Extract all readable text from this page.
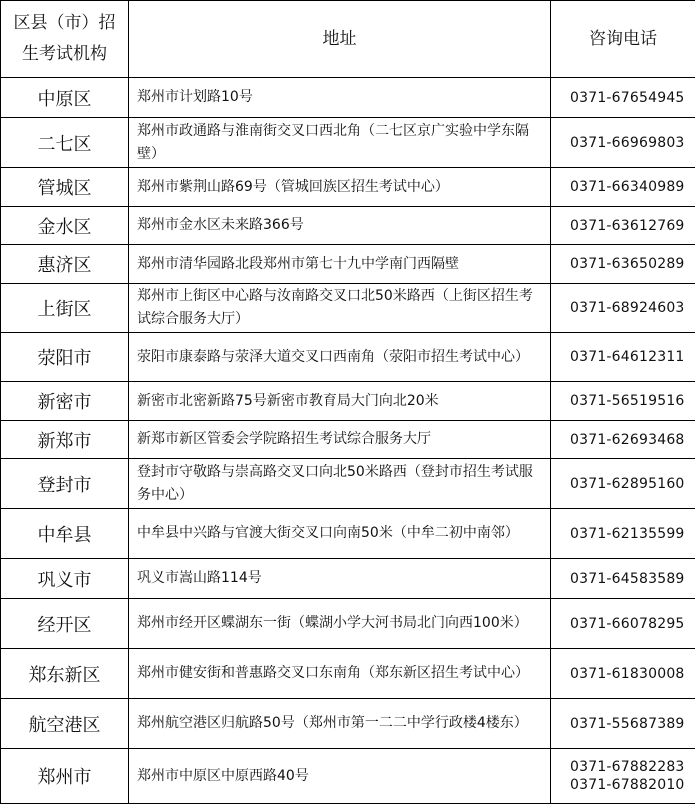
区县（市）招
生考试机构	地址	咨询电话
中原区	郑州市计划路10号	0371-67654945

二七区	郑州市政通路与淮南街交叉口西北角（二七区京广实验中学东隔壁）	0371-66969803

管城区	郑州市紫荆山路69号（管城回族区招生考试中心）	0371-66340989

金水区	郑州市金水区未来路366号	0371-63612769

惠济区	郑州市清华园路北段郑州市第七十九中学南门西隔壁	0371-63650289

上街区	郑州市上街区中心路与汝南路交叉口北50米路西（上街区招生考试综合服务大厅）	0371-68924603

荥阳市	荥阳市康泰路与荥泽大道交叉口西南角（荥阳市招生考试中心）	0371-64612311

新密市	新密市北密新路75号新密市教育局大门向北20米	0371-56519516

新郑市	新郑市新区管委会学院路招生考试综合服务大厅	0371-62693468

登封市	登封市守敬路与崇高路交叉口向北50米路西（登封市招生考试服务中心）	0371-62895160

中牟县	中牟县中兴路与官渡大街交叉口向南50米（中牟二初中南邻）	0371-62135599

巩义市	巩义市嵩山路114号	0371-64583589

经开区	郑州市经开区蝶湖东一街（蝶湖小学大河书局北门向西100米）	0371-66078295

郑东新区	郑州市健安街和普惠路交叉口东南角（郑东新区招生考试中心）	0371-61830008

航空港区	郑州航空港区归航路50号（郑州市第一二二中学行政楼4楼东）	0371-55687389

郑州市	郑州市中原区中原西路40号	0371-67882283
0371-67882010
